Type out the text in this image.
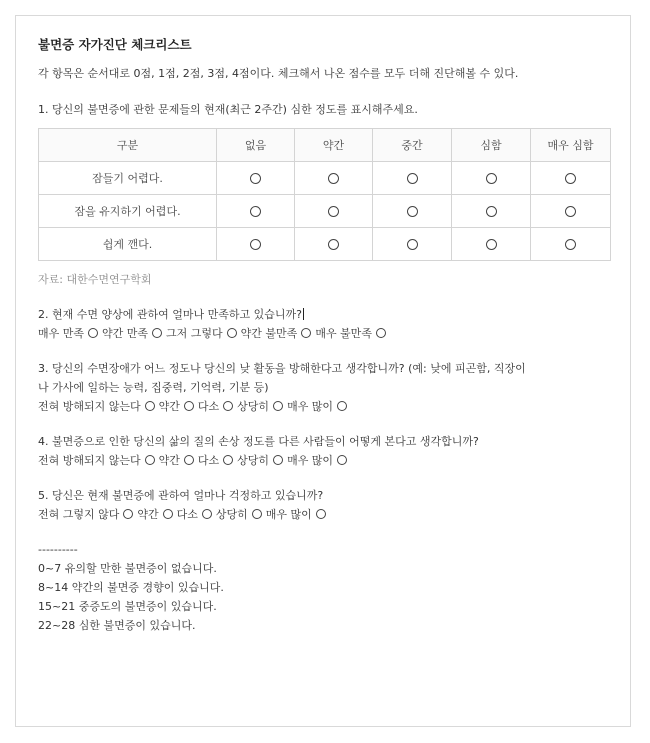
불면증 자가진단 체크리스트

각 항목은 순서대로 0점, 1점, 2점, 3점, 4점이다. 체크해서 나온 점수를 모두 더해 진단해볼 수 있다.

1. 당신의 불면증에 관한 문제들의 현재(최근 2주간) 심한 정도를 표시해주세요.

구분	없음	약간	중간	심함	매우 심함
잠들기 어렵다.					
잠을 유지하기 어렵다.					
쉽게 깬다.					

자료: 대한수면연구학회

2. 현재 수면 양상에 관하여 얼마나 만족하고 있습니까?

매우 만족 약간 만족 그저 그렇다 약간 불만족 매우 불만족

3. 당신의 수면장애가 어느 정도나 당신의 낮 활동을 방해한다고 생각합니까? (예: 낮에 피곤함, 직장이

나 가사에 일하는 능력, 집중력, 기억력, 기분 등)

전혀 방해되지 않는다 약간 다소 상당히 매우 많이

4. 불면증으로 인한 당신의 삶의 질의 손상 정도를 다른 사람들이 어떻게 본다고 생각합니까?

전혀 방해되지 않는다 약간 다소 상당히 매우 많이

5. 당신은 현재 불면증에 관하여 얼마나 걱정하고 있습니까?

전혀 그렇지 않다 약간 다소 상당히 매우 많이

----------

0~7 유의할 만한 불면증이 없습니다.

8~14 약간의 불면증 경향이 있습니다.

15~21 중증도의 불면증이 있습니다.

22~28 심한 불면증이 있습니다.
